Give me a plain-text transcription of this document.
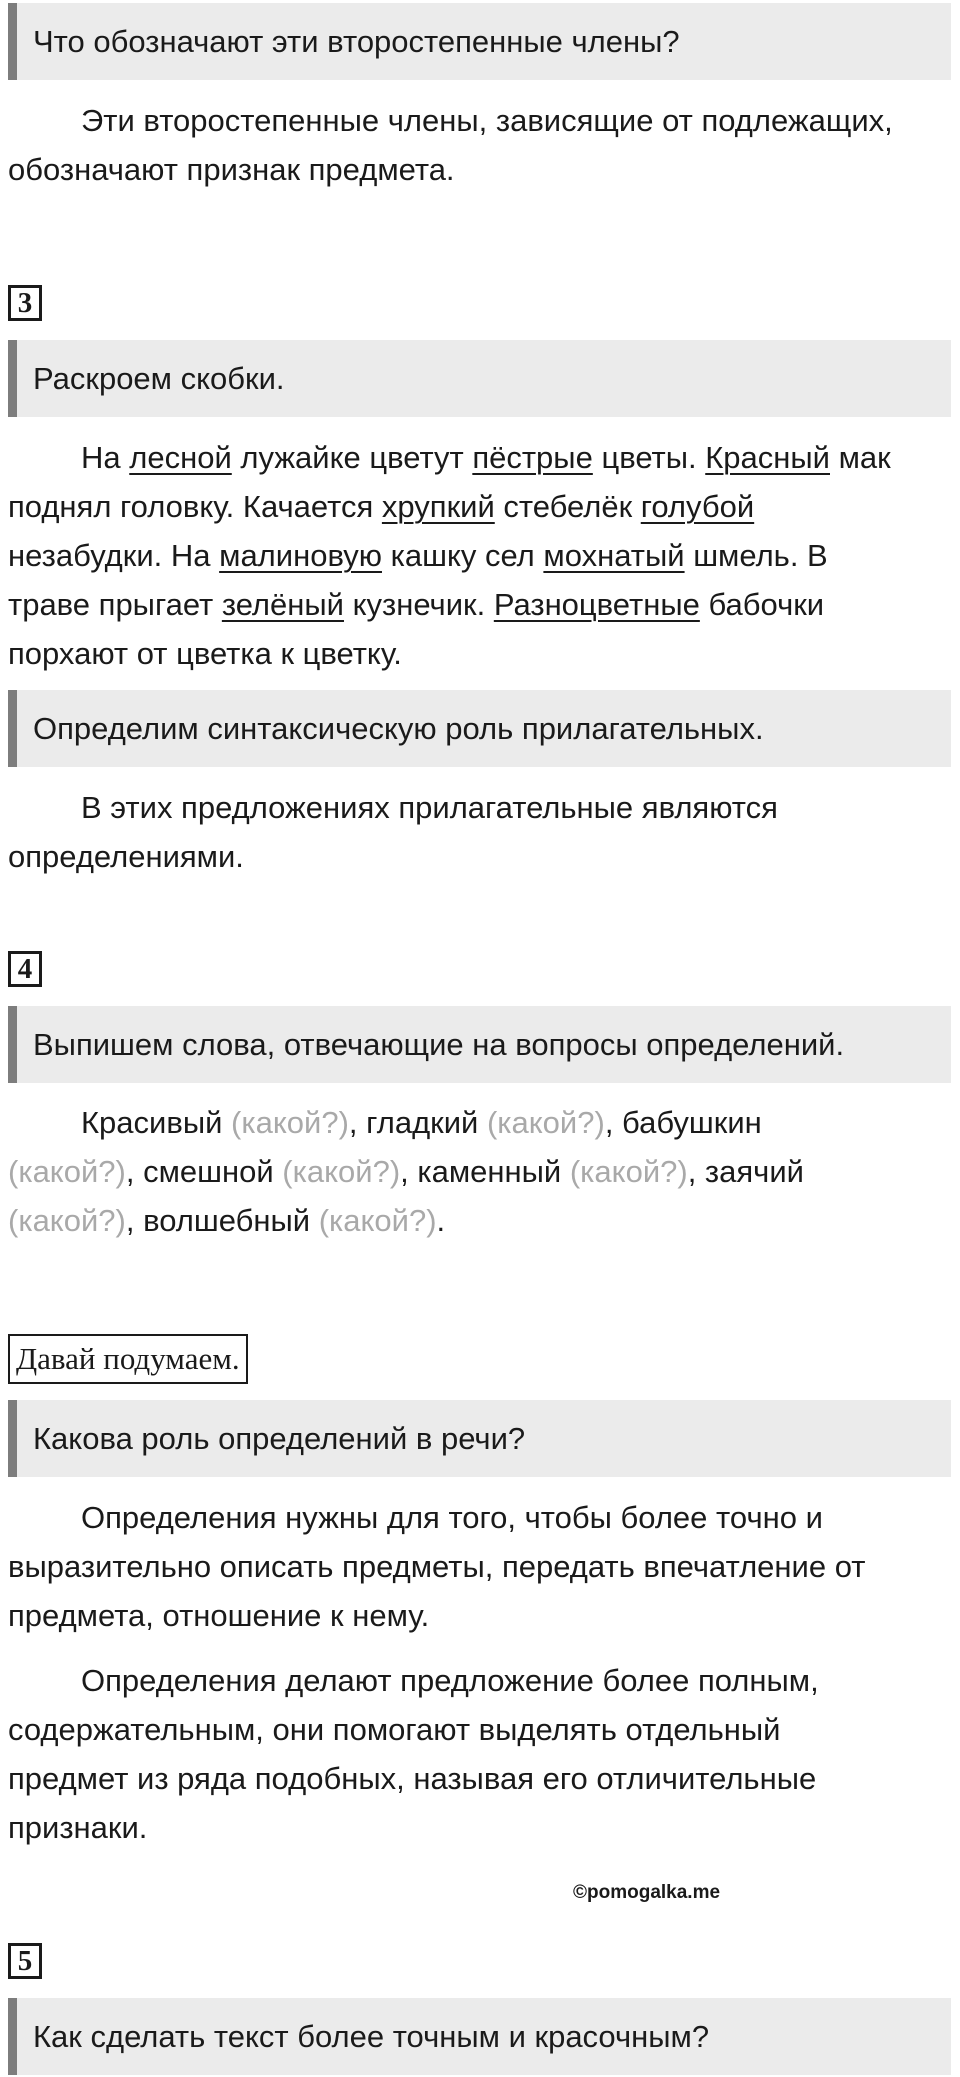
Что обозначают эти второстепенные члены?
Эти второстепенные члены, зависящие от подлежащих,
обозначают признак предмета.
3
Раскроем скобки.
На лесной лужайке цветут пёстрые цветы. Красный мак
поднял головку. Качается хрупкий стебелёк голубой
незабудки. На малиновую кашку сел мохнатый шмель. В
траве прыгает зелёный кузнечик. Разноцветные бабочки
порхают от цветка к цветку.
Определим синтаксическую роль прилагательных.
В этих предложениях прилагательные являются
определениями.
4
Выпишем слова, отвечающие на вопросы определений.
Красивый (какой?), гладкий (какой?), бабушкин
(какой?), смешной (какой?), каменный (какой?), заячий
(какой?), волшебный (какой?).
Давай подумаем.
Какова роль определений в речи?
Определения нужны для того, чтобы более точно и
выразительно описать предметы, передать впечатление от
предмета, отношение к нему.
Определения делают предложение более полным,
содержательным, они помогают выделять отдельный
предмет из ряда подобных, называя его отличительные
признаки.
©pomogalka.me
5
Как сделать текст более точным и красочным?
